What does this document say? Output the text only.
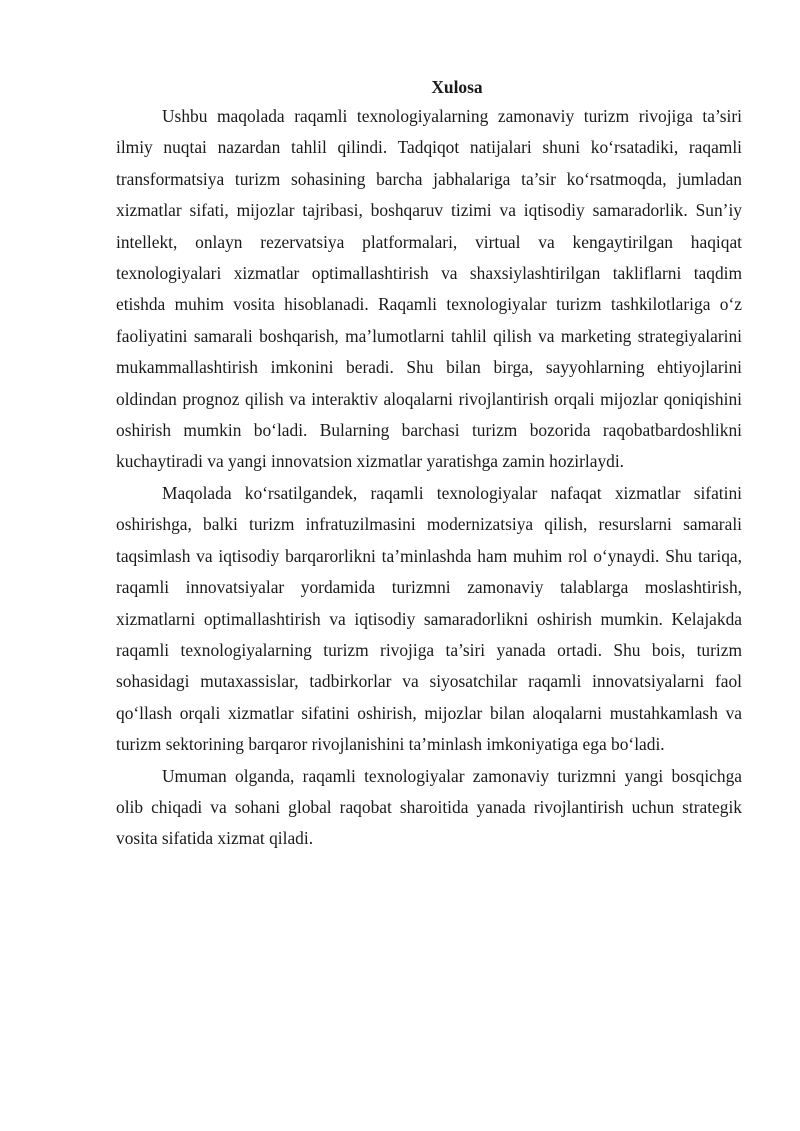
Xulosa

Ushbu maqolada raqamli texnologiyalarning zamonaviy turizm rivojiga ta’siri ilmiy nuqtai nazardan tahlil qilindi. Tadqiqot natijalari shuni ko‘rsatadiki, raqamli transformatsiya turizm sohasining barcha jabhalariga ta’sir ko‘rsatmoqda, jumladan xizmatlar sifati, mijozlar tajribasi, boshqaruv tizimi va iqtisodiy samaradorlik. Sun’iy intellekt, onlayn rezervatsiya platformalari, virtual va kengaytirilgan haqiqat texnologiyalari xizmatlar optimallashtirish va shaxsiylashtirilgan takliflarni taqdim etishda muhim vosita hisoblanadi. Raqamli texnologiyalar turizm tashkilotlariga o‘z faoliyatini samarali boshqarish, ma’lumotlarni tahlil qilish va marketing strategiyalarini mukammallashtirish imkonini beradi. Shu bilan birga, sayyohlarning ehtiyojlarini oldindan prognoz qilish va interaktiv aloqalarni rivojlantirish orqali mijozlar qoniqishini oshirish mumkin bo‘ladi. Bularning barchasi turizm bozorida raqobatbardoshlikni kuchaytiradi va yangi innovatsion xizmatlar yaratishga zamin hozirlaydi.

Maqolada ko‘rsatilgandek, raqamli texnologiyalar nafaqat xizmatlar sifatini oshirishga, balki turizm infratuzilmasini modernizatsiya qilish, resurslarni samarali taqsimlash va iqtisodiy barqarorlikni ta’minlashda ham muhim rol o‘ynaydi. Shu tariqa, raqamli innovatsiyalar yordamida turizmni zamonaviy talablarga moslashtirish, xizmatlarni optimallashtirish va iqtisodiy samaradorlikni oshirish mumkin. Kelajakda raqamli texnologiyalarning turizm rivojiga ta’siri yanada ortadi. Shu bois, turizm sohasidagi mutaxassislar, tadbirkorlar va siyosatchilar raqamli innovatsiyalarni faol qo‘llash orqali xizmatlar sifatini oshirish, mijozlar bilan aloqalarni mustahkamlash va turizm sektorining barqaror rivojlanishini ta’minlash imkoniyatiga ega bo‘ladi.

Umuman olganda, raqamli texnologiyalar zamonaviy turizmni yangi bosqichga olib chiqadi va sohani global raqobat sharoitida yanada rivojlantirish uchun strategik vosita sifatida xizmat qiladi.
